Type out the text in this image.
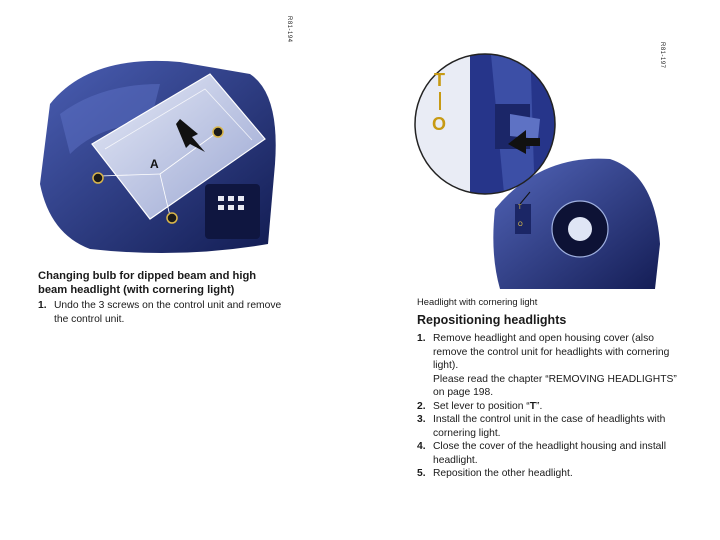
A
R81-194
T
O
T
O
R81-197
Changing bulb for dipped beam and high beam headlight (with cornering light)
1. Undo the 3 screws on the control unit and remove the control unit.
Headlight with cornering light
Repositioning headlights
1. Remove headlight and open housing cover (also remove the control unit for headlights with cornering light).
Please read the chapter “REMOVING HEADLIGHTS” on page 198.
2. Set lever to position “T”.
3. Install the control unit in the case of headlights with cornering light.
4. Close the cover of the headlight housing and install headlight.
5. Reposition the other headlight.
